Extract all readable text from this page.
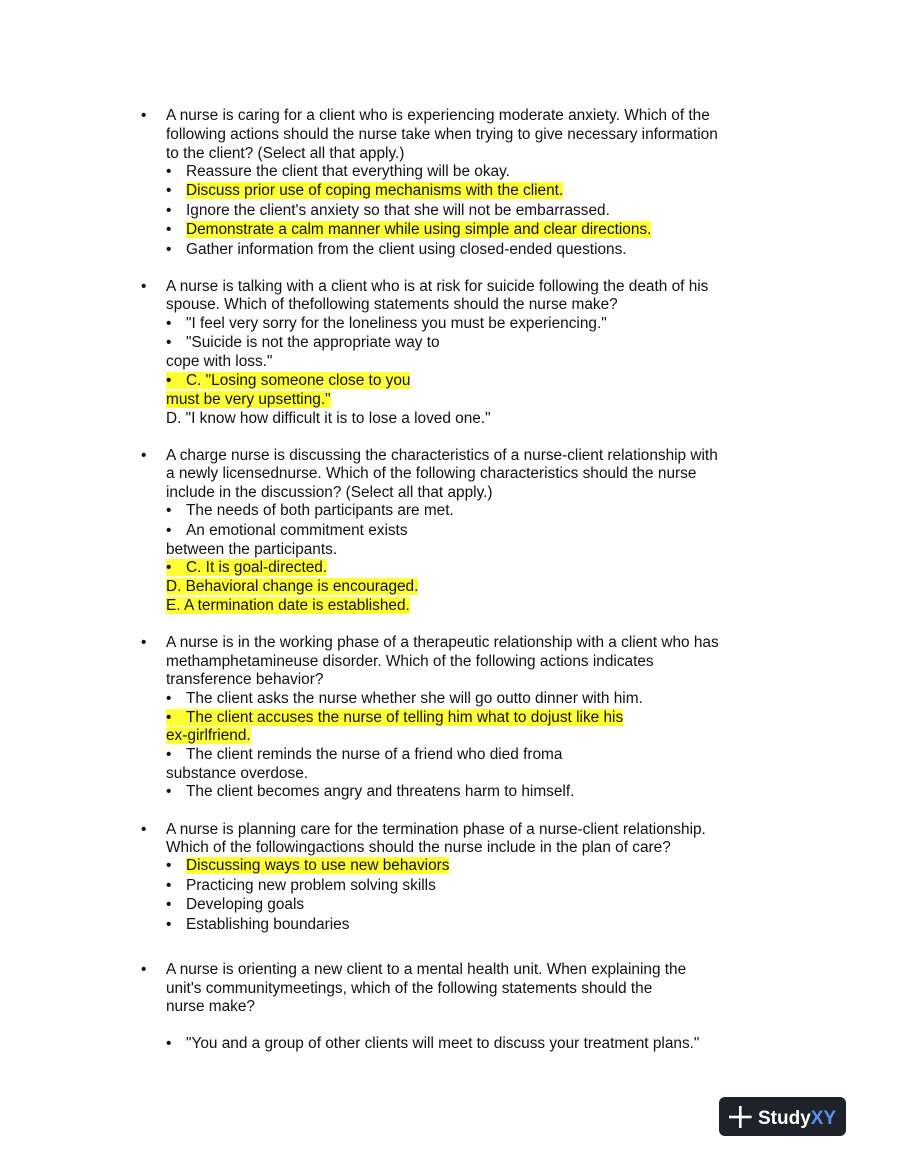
• A nurse is caring for a client who is experiencing moderate anxiety. Which of the
following actions should the nurse take when trying to give necessary information
to the client? (Select all that apply.)
• Reassure the client that everything will be okay.
• Discuss prior use of coping mechanisms with the client.
• Ignore the client's anxiety so that she will not be embarrassed.
• Demonstrate a calm manner while using simple and clear directions.
• Gather information from the client using closed-ended questions.
• A nurse is talking with a client who is at risk for suicide following the death of his
spouse. Which of thefollowing statements should the nurse make?
• "I feel very sorry for the loneliness you must be experiencing."
• "Suicide is not the appropriate way to
cope with loss."
• C. "Losing someone close to you
must be very upsetting."
D. "I know how difficult it is to lose a loved one."
• A charge nurse is discussing the characteristics of a nurse-client relationship with
a newly licensednurse. Which of the following characteristics should the nurse
include in the discussion? (Select all that apply.)
• The needs of both participants are met.
• An emotional commitment exists
between the participants.
• C. It is goal-directed.
D. Behavioral change is encouraged.
E. A termination date is established.
• A nurse is in the working phase of a therapeutic relationship with a client who has
methamphetamineuse disorder. Which of the following actions indicates
transference behavior?
• The client asks the nurse whether she will go outto dinner with him.
• The client accuses the nurse of telling him what to dojust like his
ex-girlfriend.
• The client reminds the nurse of a friend who died froma
substance overdose.
• The client becomes angry and threatens harm to himself.
• A nurse is planning care for the termination phase of a nurse-client relationship.
Which of the followingactions should the nurse include in the plan of care?
• Discussing ways to use new behaviors
• Practicing new problem solving skills
• Developing goals
• Establishing boundaries
• A nurse is orienting a new client to a mental health unit. When explaining the
unit's communitymeetings, which of the following statements should the
nurse make?
• "You and a group of other clients will meet to discuss your treatment plans."
StudyXY
